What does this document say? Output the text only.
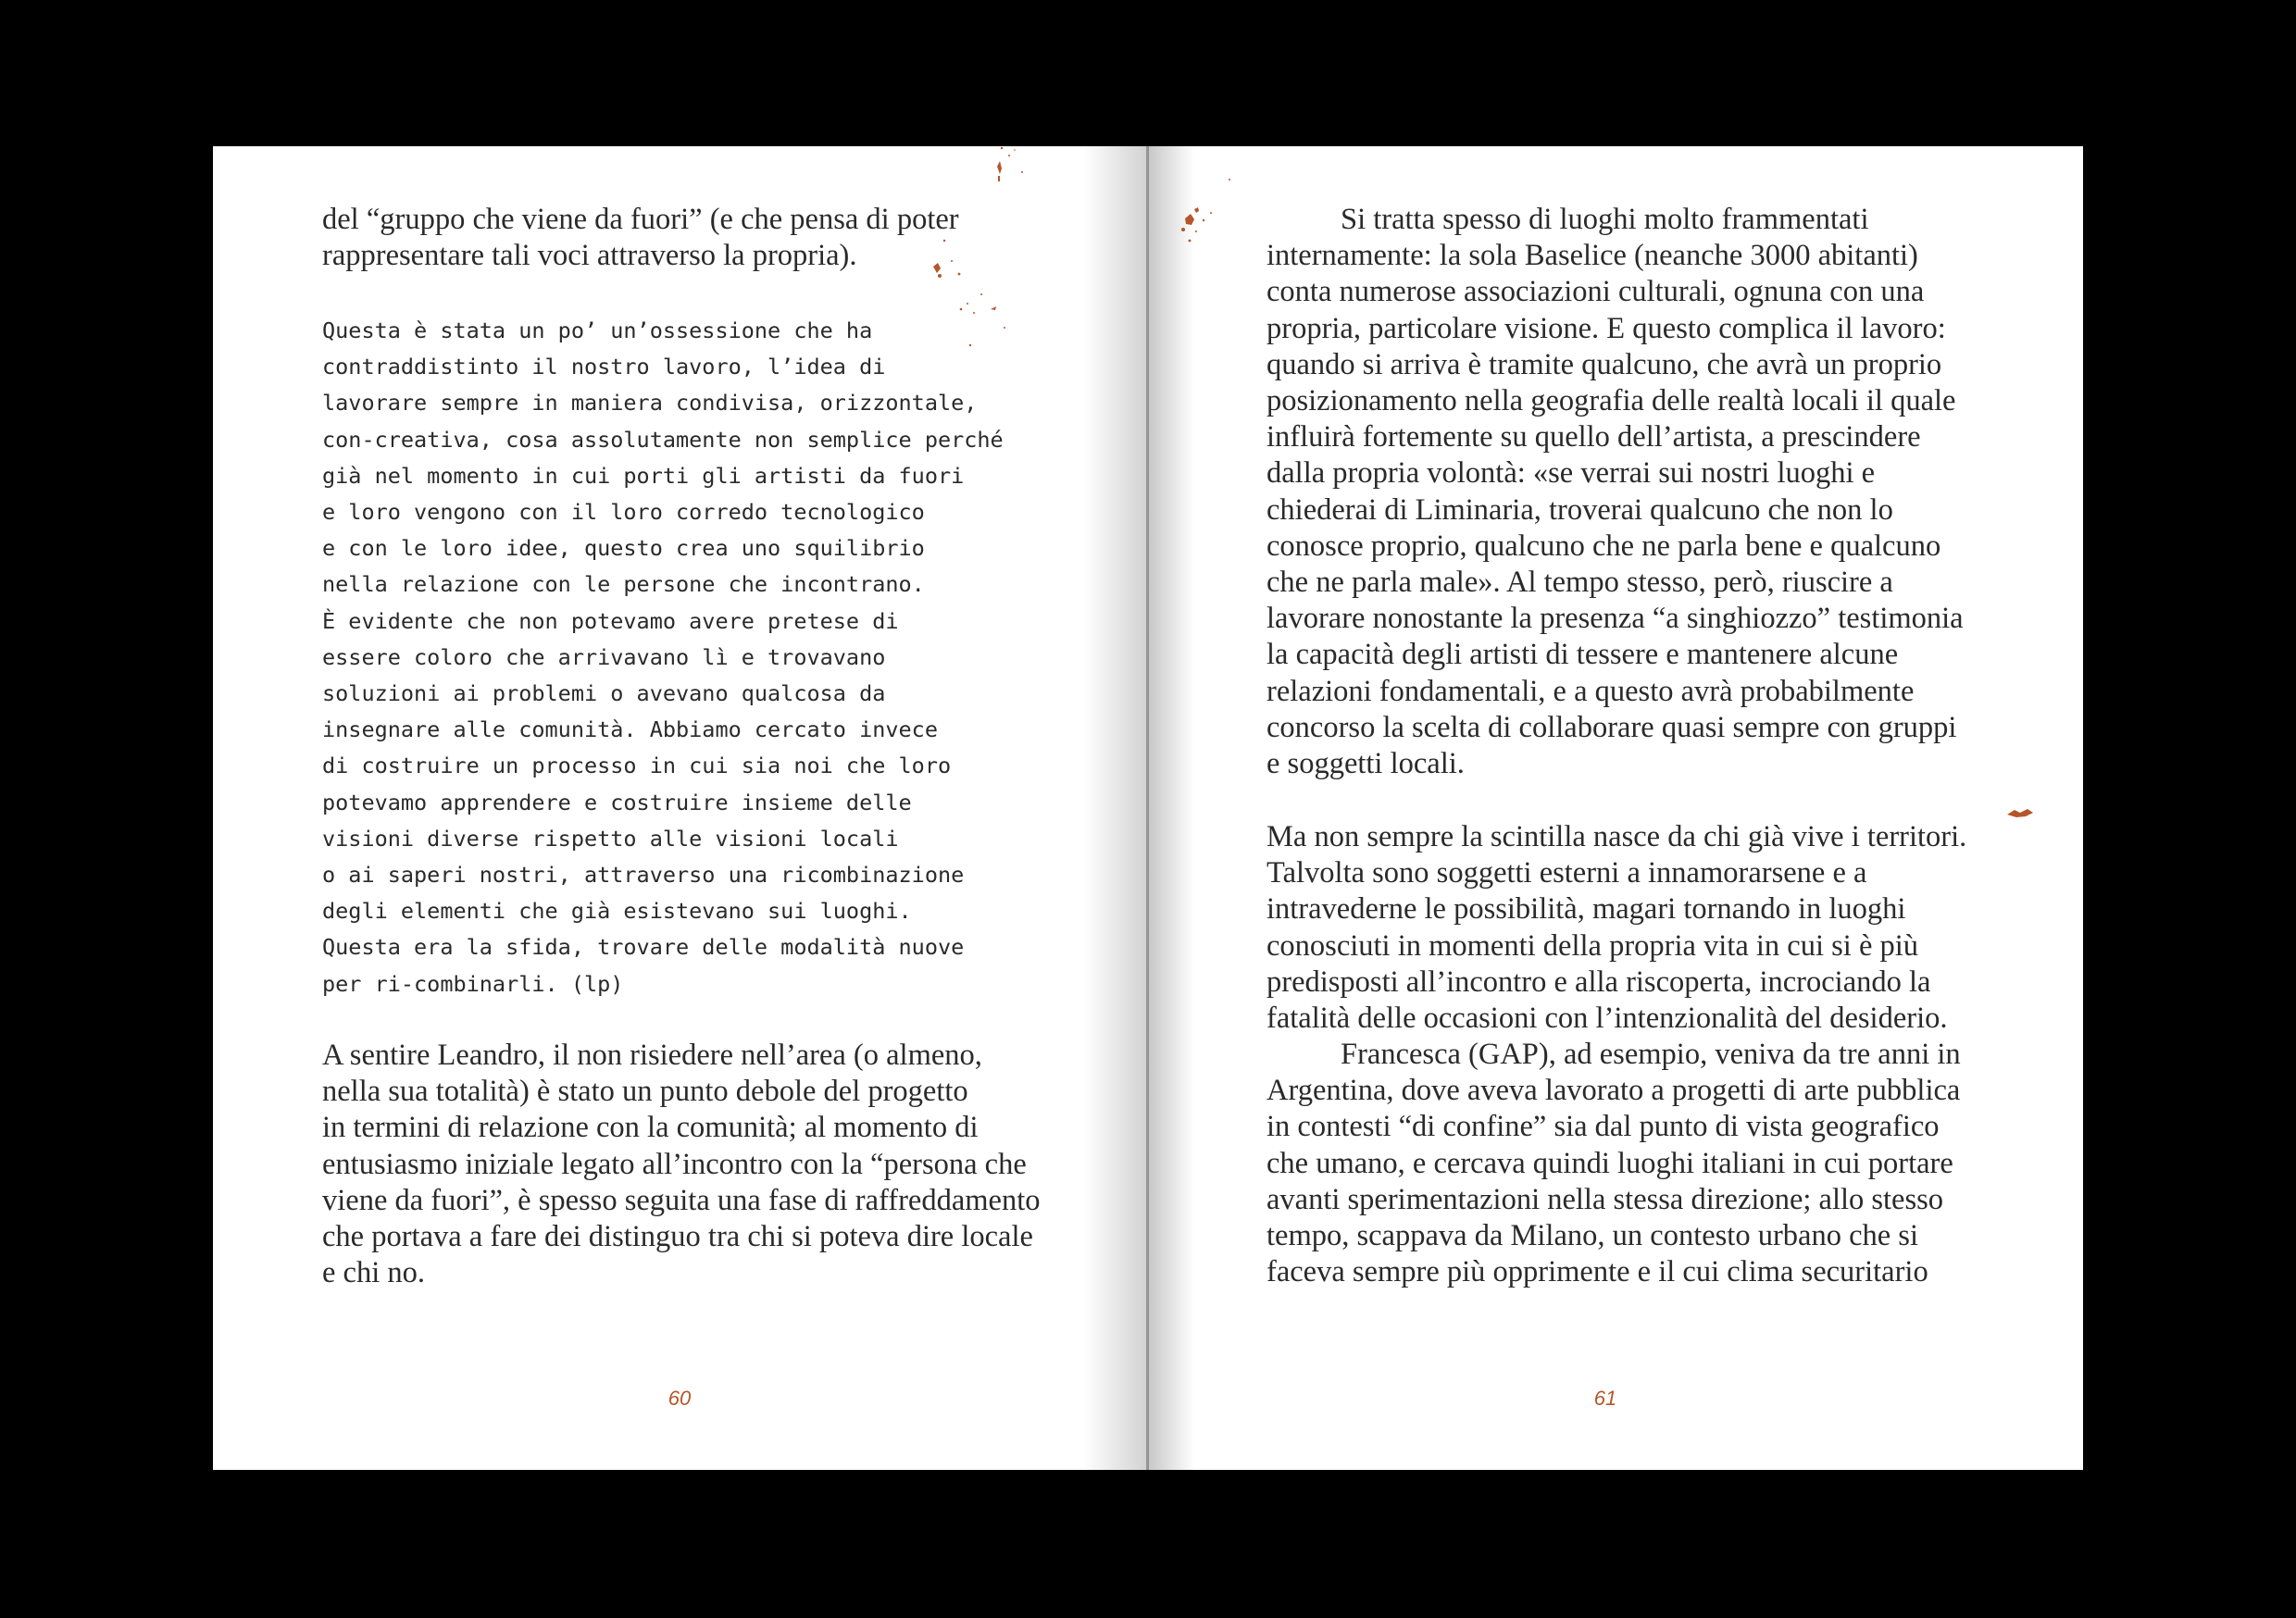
del “gruppo che viene da fuori” (e che pensa di poter
rappresentare tali voci attraverso la propria).
Questa è stata un po’ un’ossessione che ha
contraddistinto il nostro lavoro, l’idea di
lavorare sempre in maniera condivisa, orizzontale,
con-creativa, cosa assolutamente non semplice perché
già nel momento in cui porti gli artisti da fuori
e loro vengono con il loro corredo tecnologico
e con le loro idee, questo crea uno squilibrio
nella relazione con le persone che incontrano.
È evidente che non potevamo avere pretese di
essere coloro che arrivavano lì e trovavano
soluzioni ai problemi o avevano qualcosa da
insegnare alle comunità. Abbiamo cercato invece
di costruire un processo in cui sia noi che loro
potevamo apprendere e costruire insieme delle
visioni diverse rispetto alle visioni locali
o ai saperi nostri, attraverso una ricombinazione
degli elementi che già esistevano sui luoghi.
Questa era la sfida, trovare delle modalità nuove
per ri-combinarli. (lp)
A sentire Leandro, il non risiedere nell’area (o almeno,
nella sua totalità) è stato un punto debole del progetto
in termini di relazione con la comunità; al momento di
entusiasmo iniziale legato all’incontro con la “persona che
viene da fuori”, è spesso seguita una fase di raffreddamento
che portava a fare dei distinguo tra chi si poteva dire locale
e chi no.
60
Si tratta spesso di luoghi molto frammentati
internamente: la sola Baselice (neanche 3000 abitanti)
conta numerose associazioni culturali, ognuna con una
propria, particolare visione. E questo complica il lavoro:
quando si arriva è tramite qualcuno, che avrà un proprio
posizionamento nella geografia delle realtà locali il quale
influirà fortemente su quello dell’artista, a prescindere
dalla propria volontà: «se verrai sui nostri luoghi e
chiederai di Liminaria, troverai qualcuno che non lo
conosce proprio, qualcuno che ne parla bene e qualcuno
che ne parla male». Al tempo stesso, però, riuscire a
lavorare nonostante la presenza “a singhiozzo” testimonia
la capacità degli artisti di tessere e mantenere alcune
relazioni fondamentali, e a questo avrà probabilmente
concorso la scelta di collaborare quasi sempre con gruppi
e soggetti locali.
Ma non sempre la scintilla nasce da chi già vive i territori.
Talvolta sono soggetti esterni a innamorarsene e a
intravederne le possibilità, magari tornando in luoghi
conosciuti in momenti della propria vita in cui si è più
predisposti all’incontro e alla riscoperta, incrociando la
fatalità delle occasioni con l’intenzionalità del desiderio.
Francesca (GAP), ad esempio, veniva da tre anni in
Argentina, dove aveva lavorato a progetti di arte pubblica
in contesti “di confine” sia dal punto di vista geografico
che umano, e cercava quindi luoghi italiani in cui portare
avanti sperimentazioni nella stessa direzione; allo stesso
tempo, scappava da Milano, un contesto urbano che si
faceva sempre più opprimente e il cui clima securitario
61
